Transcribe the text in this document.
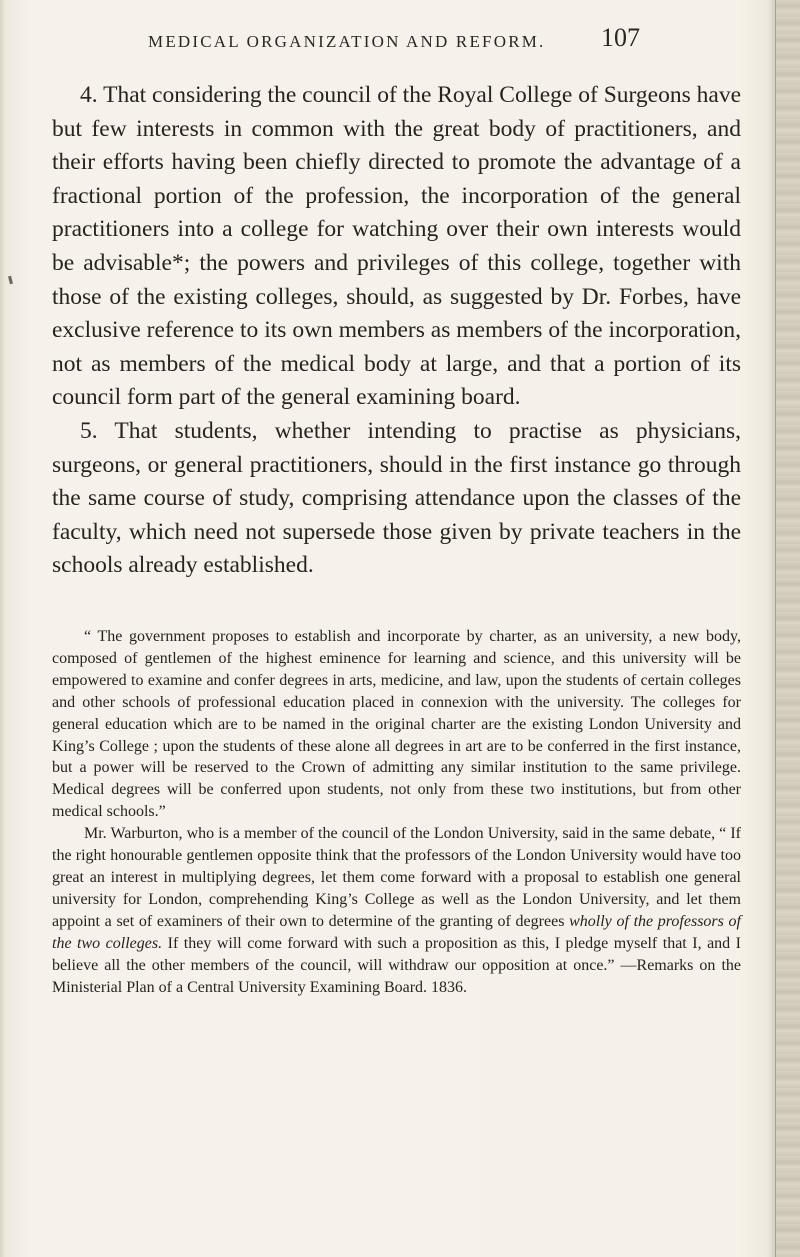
MEDICAL ORGANIZATION AND REFORM.	107

4. That considering the council of the Royal College of Surgeons have but few interests in common with the great body of practitioners, and their efforts having been chiefly directed to promote the advantage of a fractional portion of the profession, the incorporation of the general practitioners into a college for watching over their own interests would be advisable*; the powers and privileges of this college, together with those of the existing colleges, should, as suggested by Dr. Forbes, have exclusive reference to its own members as members of the incorporation, not as members of the medical body at large, and that a portion of its council form part of the general examining board.

5. That students, whether intending to practise as physicians, surgeons, or general practitioners, should in the first instance go through the same course of study, comprising attendance upon the classes of the faculty, which need not supersede those given by private teachers in the schools already established.

“ The government proposes to establish and incorporate by charter, as an university, a new body, composed of gentlemen of the highest eminence for learning and science, and this university will be empowered to examine and confer degrees in arts, medicine, and law, upon the students of certain colleges and other schools of professional education placed in connexion with the university. The colleges for general education which are to be named in the original charter are the existing London University and King’s College ; upon the students of these alone all degrees in art are to be conferred in the first instance, but a power will be reserved to the Crown of admitting any similar institution to the same privilege. Medical degrees will be conferred upon students, not only from these two institutions, but from other medical schools.”

Mr. Warburton, who is a member of the council of the London University, said in the same debate, “ If the right honourable gentlemen opposite think that the professors of the London University would have too great an interest in multiplying degrees, let them come forward with a proposal to establish one general university for London, comprehending King’s College as well as the London University, and let them appoint a set of examiners of their own to determine of the granting of degrees wholly of the professors of the two colleges. If they will come forward with such a proposition as this, I pledge myself that I, and I believe all the other members of the council, will withdraw our opposition at once.” —Remarks on the Ministerial Plan of a Central University Examining Board. 1836.
